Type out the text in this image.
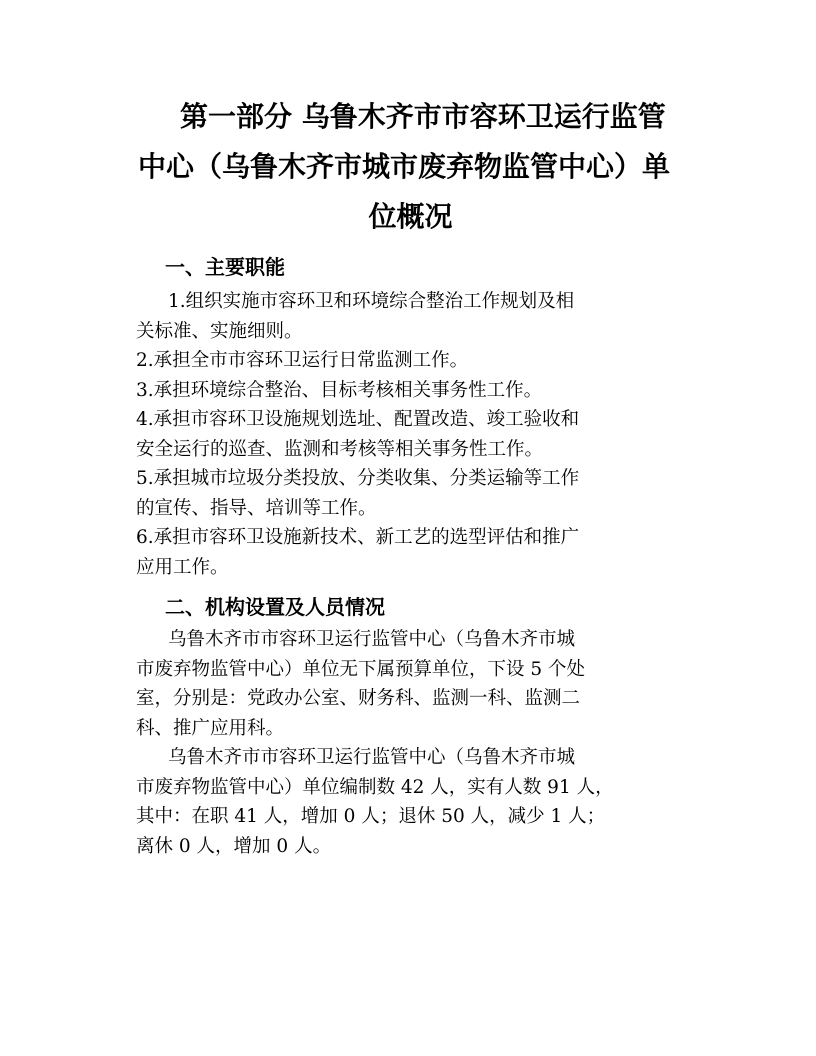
第一部分 乌鲁木齐市市容环卫运行监管
中心（乌鲁木齐市城市废弃物监管中心）单
位概况
一、主要职能

1.组织实施市容环卫和环境综合整治工作规划及相

关标准、实施细则。

2.承担全市市容环卫运行日常监测工作。

3.承担环境综合整治、目标考核相关事务性工作。

4.承担市容环卫设施规划选址、配置改造、竣工验收和

安全运行的巡查、监测和考核等相关事务性工作。

5.承担城市垃圾分类投放、分类收集、分类运输等工作

的宣传、指导、培训等工作。

6.承担市容环卫设施新技术、新工艺的选型评估和推广

应用工作。

二、机构设置及人员情况

乌鲁木齐市市容环卫运行监管中心（乌鲁木齐市城

市废弃物监管中心）单位无下属预算单位，下设 5 个处

室，分别是：党政办公室、财务科、监测一科、监测二

科、推广应用科。

乌鲁木齐市市容环卫运行监管中心（乌鲁木齐市城

市废弃物监管中心）单位编制数 42 人，实有人数 91 人，

其中：在职 41 人，增加 0 人；退休 50 人，减少 1 人；

离休 0 人，增加 0 人。
